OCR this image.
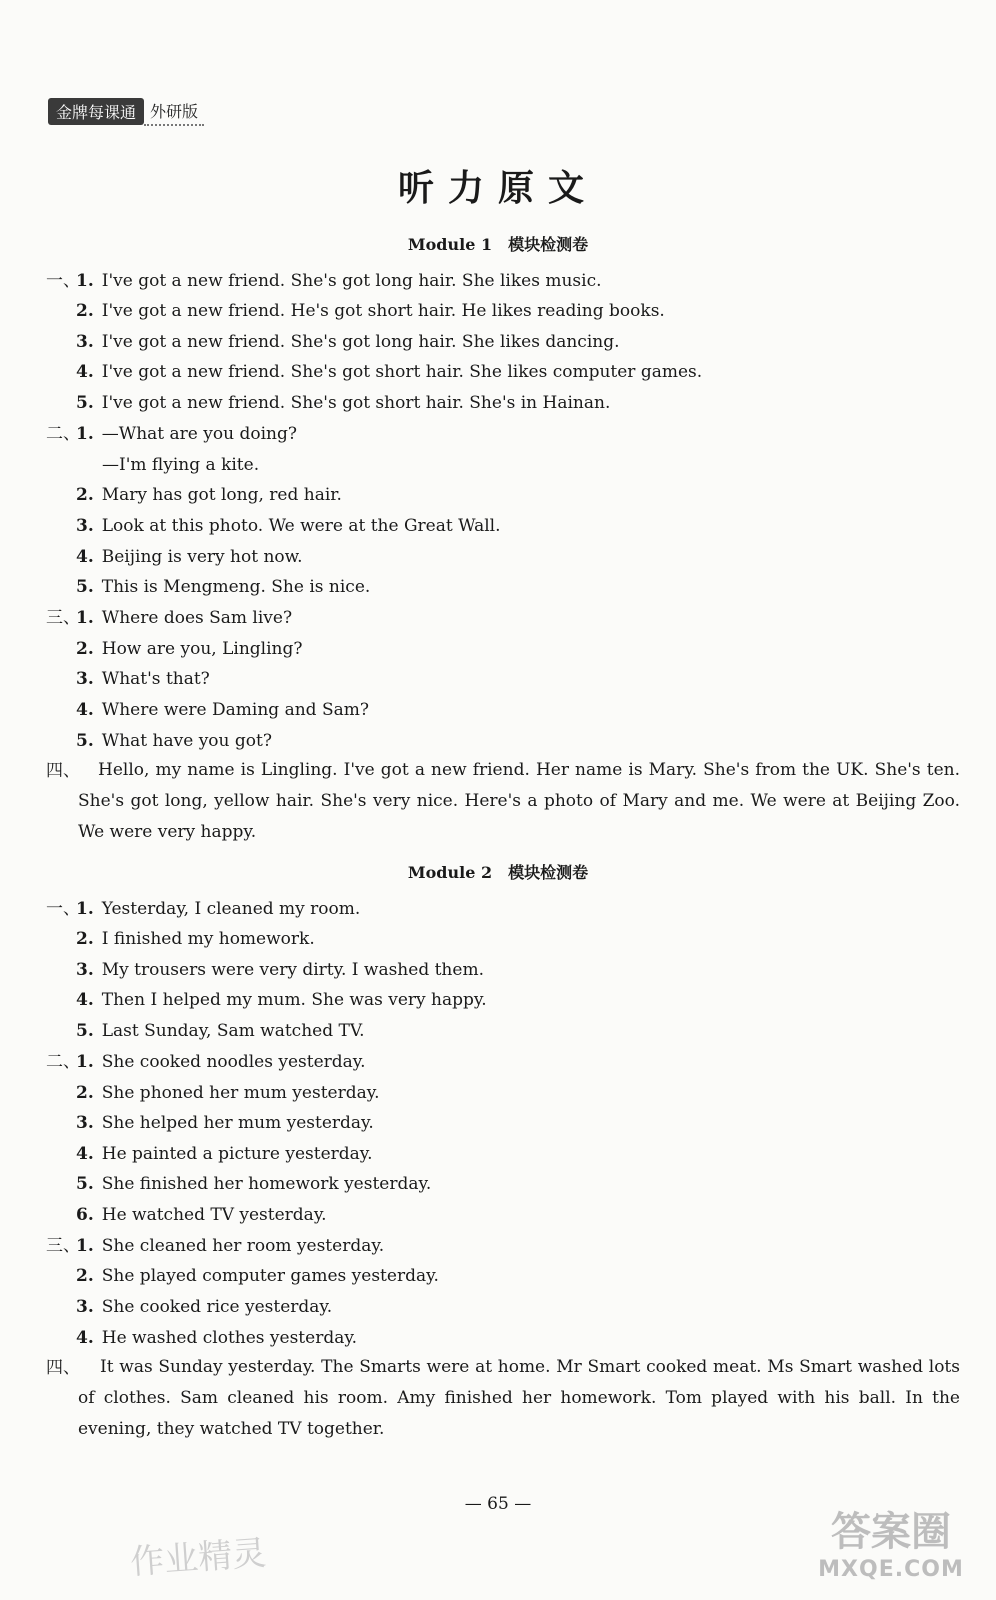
金牌每课通 外研版
听力原文
Module 1　模块检测卷
一、
1. I've got a new friend. She's got long hair. She likes music.
2. I've got a new friend. He's got short hair. He likes reading books.
3. I've got a new friend. She's got long hair. She likes dancing.
4. I've got a new friend. She's got short hair. She likes computer games.
5. I've got a new friend. She's got short hair. She's in Hainan.
二、
1. —What are you doing?
—I'm flying a kite.
2. Mary has got long, red hair.
3. Look at this photo. We were at the Great Wall.
4. Beijing is very hot now.
5. This is Mengmeng. She is nice.
三、
1. Where does Sam live?
2. How are you, Lingling?
3. What's that?
4. Where were Daming and Sam?
5. What have you got?
四、	Hello, my name is Lingling. I've got a new friend. Her name is Mary. She's from the UK. She's ten. She's got long, yellow hair. She's very nice. Here's a photo of Mary and me. We were at Beijing Zoo. We were very happy.
Module 2　模块检测卷
一、
1. Yesterday, I cleaned my room.
2. I finished my homework.
3. My trousers were very dirty. I washed them.
4. Then I helped my mum. She was very happy.
5. Last Sunday, Sam watched TV.
二、
1. She cooked noodles yesterday.
2. She phoned her mum yesterday.
3. She helped her mum yesterday.
4. He painted a picture yesterday.
5. She finished her homework yesterday.
6. He watched TV yesterday.
三、
1. She cleaned her room yesterday.
2. She played computer games yesterday.
3. She cooked rice yesterday.
4. He washed clothes yesterday.
四、	It was Sunday yesterday. The Smarts were at home. Mr Smart cooked meat. Ms Smart washed lots of clothes. Sam cleaned his room. Amy finished her homework. Tom played with his ball. In the evening, they watched TV together.
— 65 —
作业精灵
答案圈
MXQE.COM
